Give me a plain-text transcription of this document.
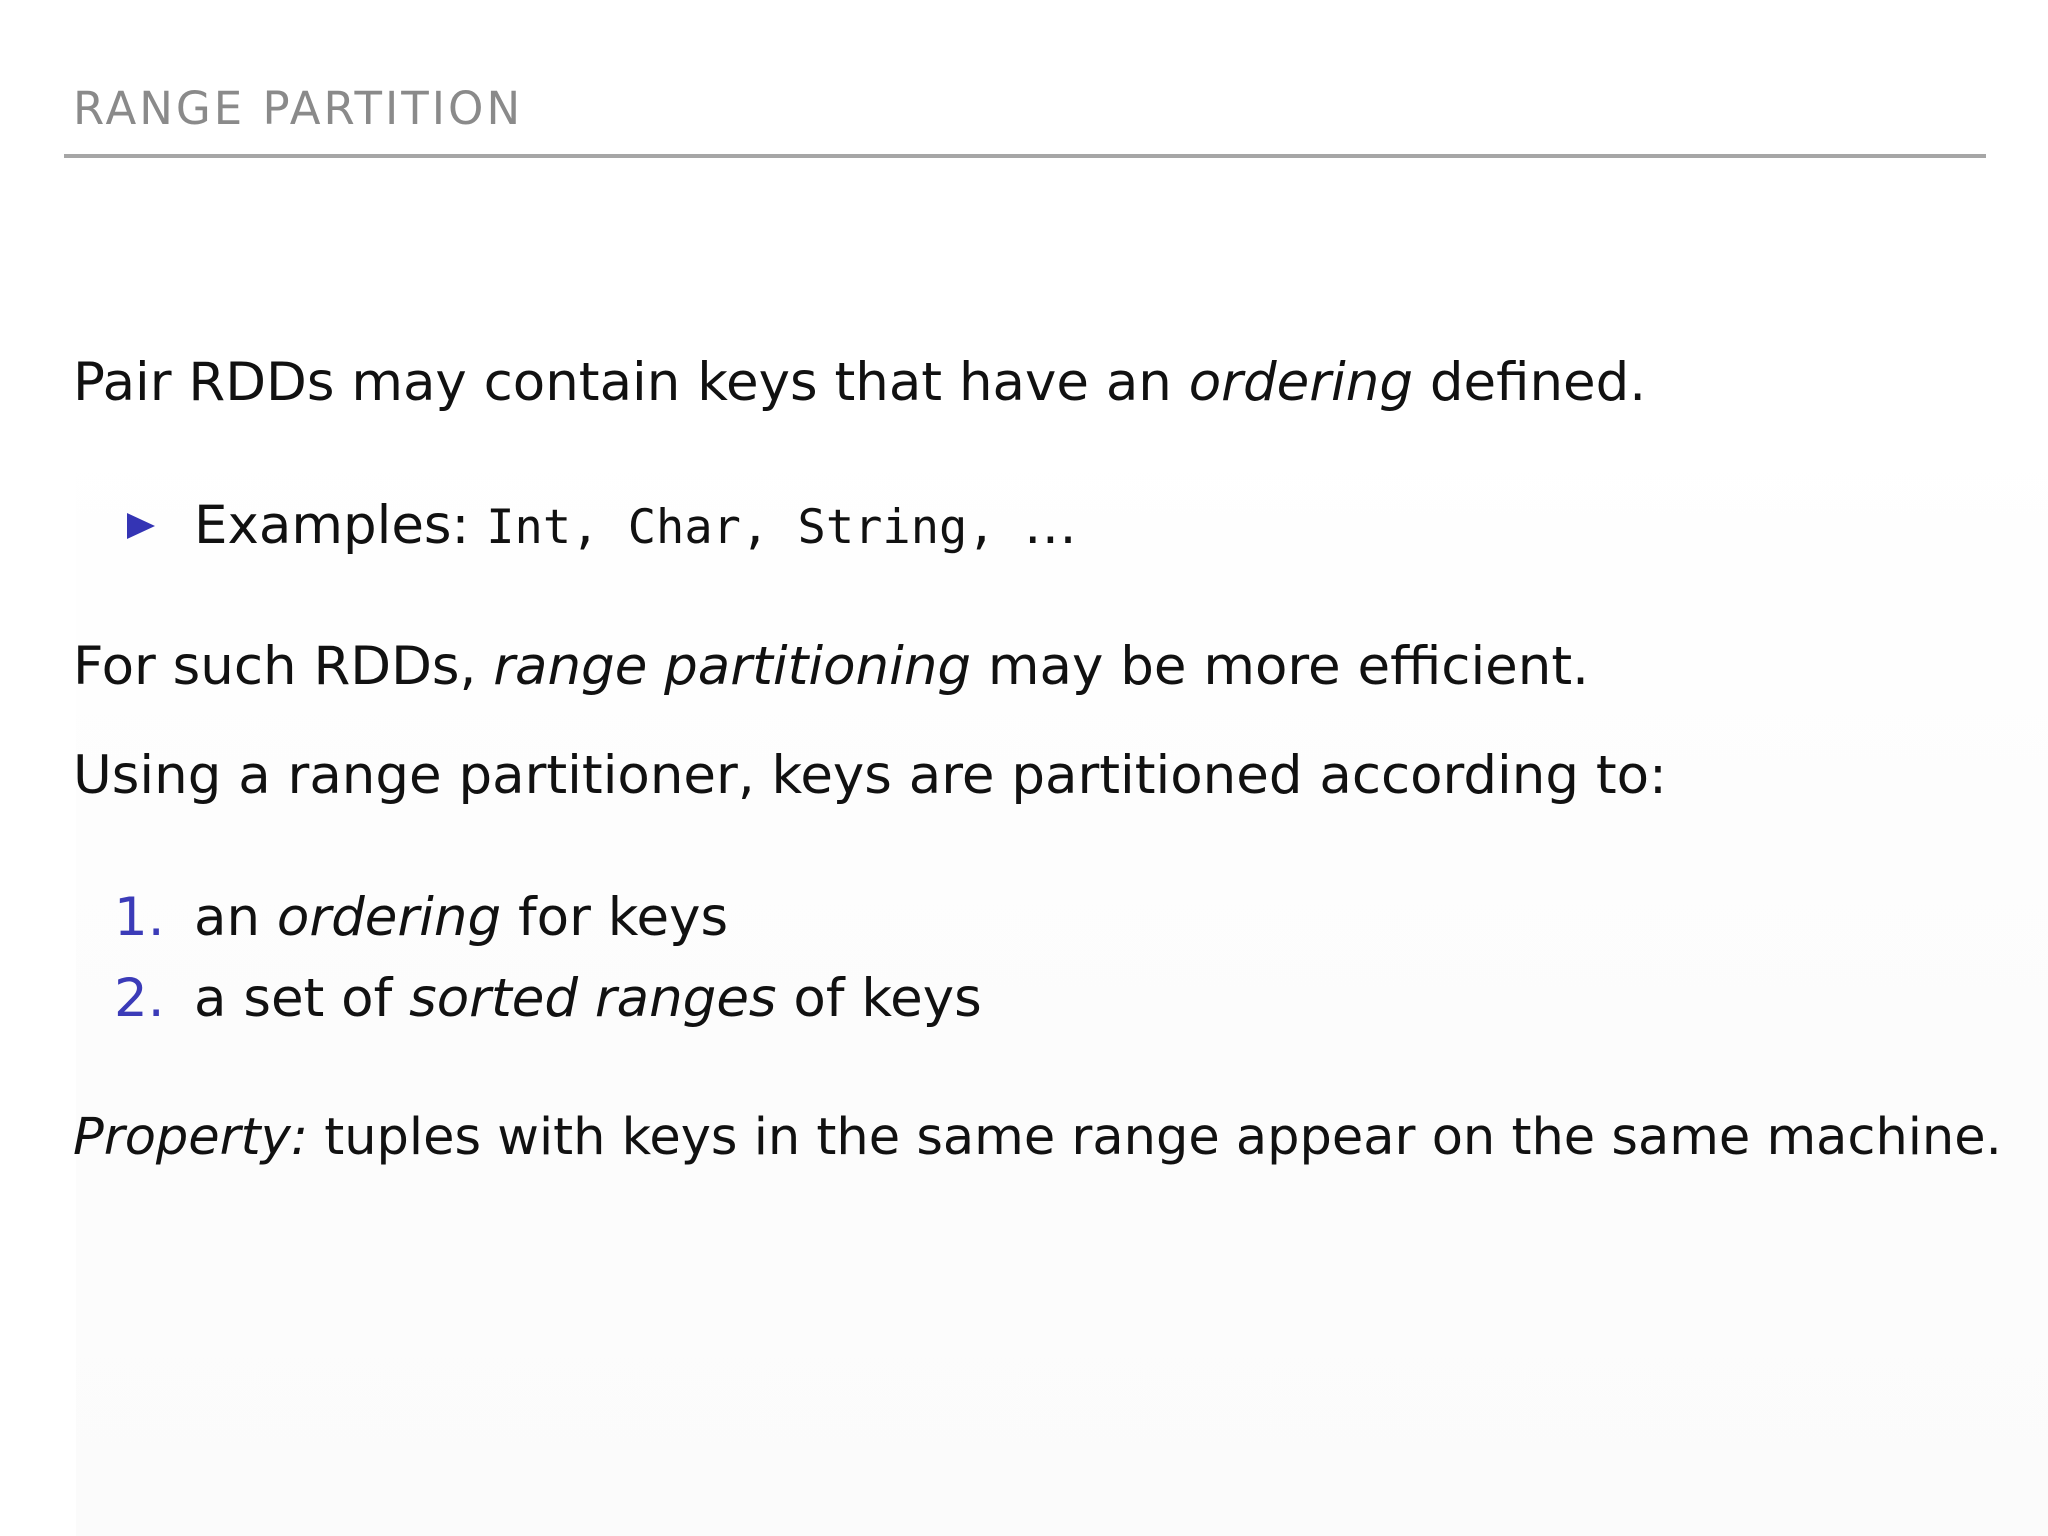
RANGE PARTITION
Pair RDDs may contain keys that have an ordering defined.
Examples: Int, Char, String, …
For such RDDs, range partitioning may be more efficient.
Using a range partitioner, keys are partitioned according to:
1. an ordering for keys
2. a set of sorted ranges of keys
Property: tuples with keys in the same range appear on the same machine.
